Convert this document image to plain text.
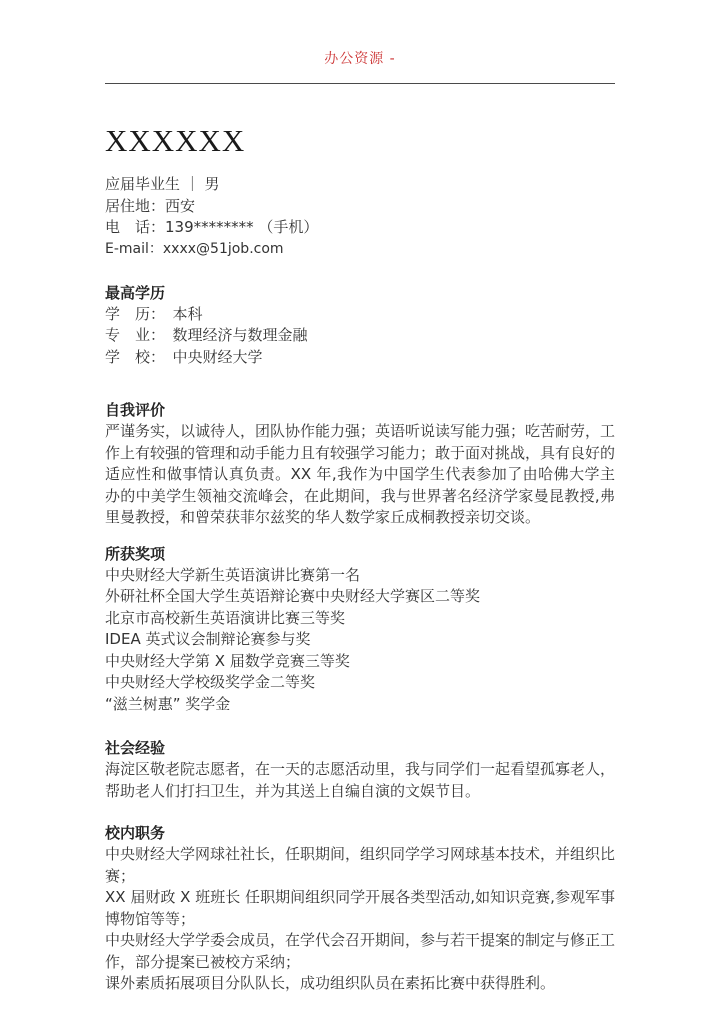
办公资源 -
XXXXXX
应届毕业生 ｜ 男
居住地：西安
电　话：139******** （手机）
E-mail：xxxx@51job.com
最高学历
学　历：　本科
专　业：　数理经济与数理金融
学　校：　中央财经大学
自我评价

严谨务实，以诚待人，团队协作能力强；英语听说读写能力强；吃苦耐劳，工作上有较强的管理和动手能力且有较强学习能力；敢于面对挑战，具有良好的适应性和做事情认真负责。XX 年,我作为中国学生代表参加了由哈佛大学主办的中美学生领袖交流峰会，在此期间，我与世界著名经济学家曼昆教授,弗里曼教授，和曾荣获菲尔兹奖的华人数学家丘成桐教授亲切交谈。

所获奖项
中央财经大学新生英语演讲比赛第一名
外研社杯全国大学生英语辩论赛中央财经大学赛区二等奖
北京市高校新生英语演讲比赛三等奖
IDEA 英式议会制辩论赛参与奖
中央财经大学第 X 届数学竞赛三等奖
中央财经大学校级奖学金二等奖
“滋兰树惠” 奖学金
社会经验

海淀区敬老院志愿者，在一天的志愿活动里，我与同学们一起看望孤寡老人，帮助老人们打扫卫生，并为其送上自编自演的文娱节目。

校内职务

中央财经大学网球社社长，任职期间，组织同学学习网球基本技术，并组织比赛；

XX 届财政 X 班班长 任职期间组织同学开展各类型活动,如知识竞赛,参观军事博物馆等等；

中央财经大学学委会成员，在学代会召开期间，参与若干提案的制定与修正工作，部分提案已被校方采纳；

课外素质拓展项目分队队长，成功组织队员在素拓比赛中获得胜利。
